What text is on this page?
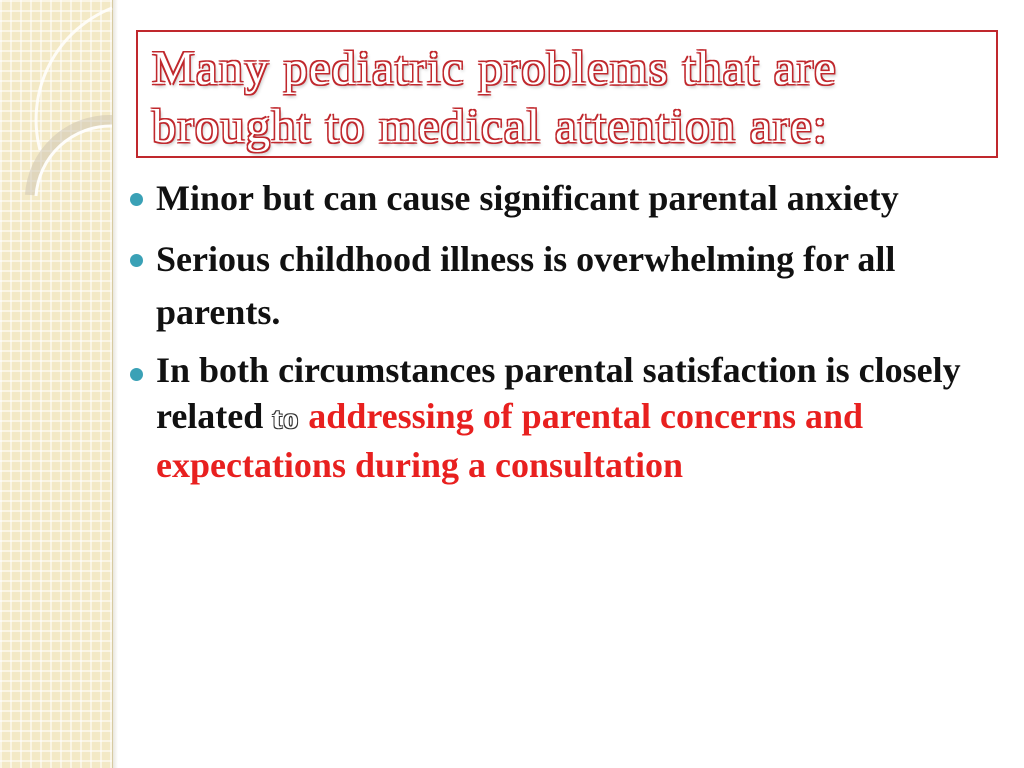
Many pediatric problems that are
brought to medical attention are:
Minor but can cause significant parental anxiety
Serious childhood illness is overwhelming for all parents.
In both circumstances parental satisfaction is closely related to addressing of parental concerns and expectations during a consultation
